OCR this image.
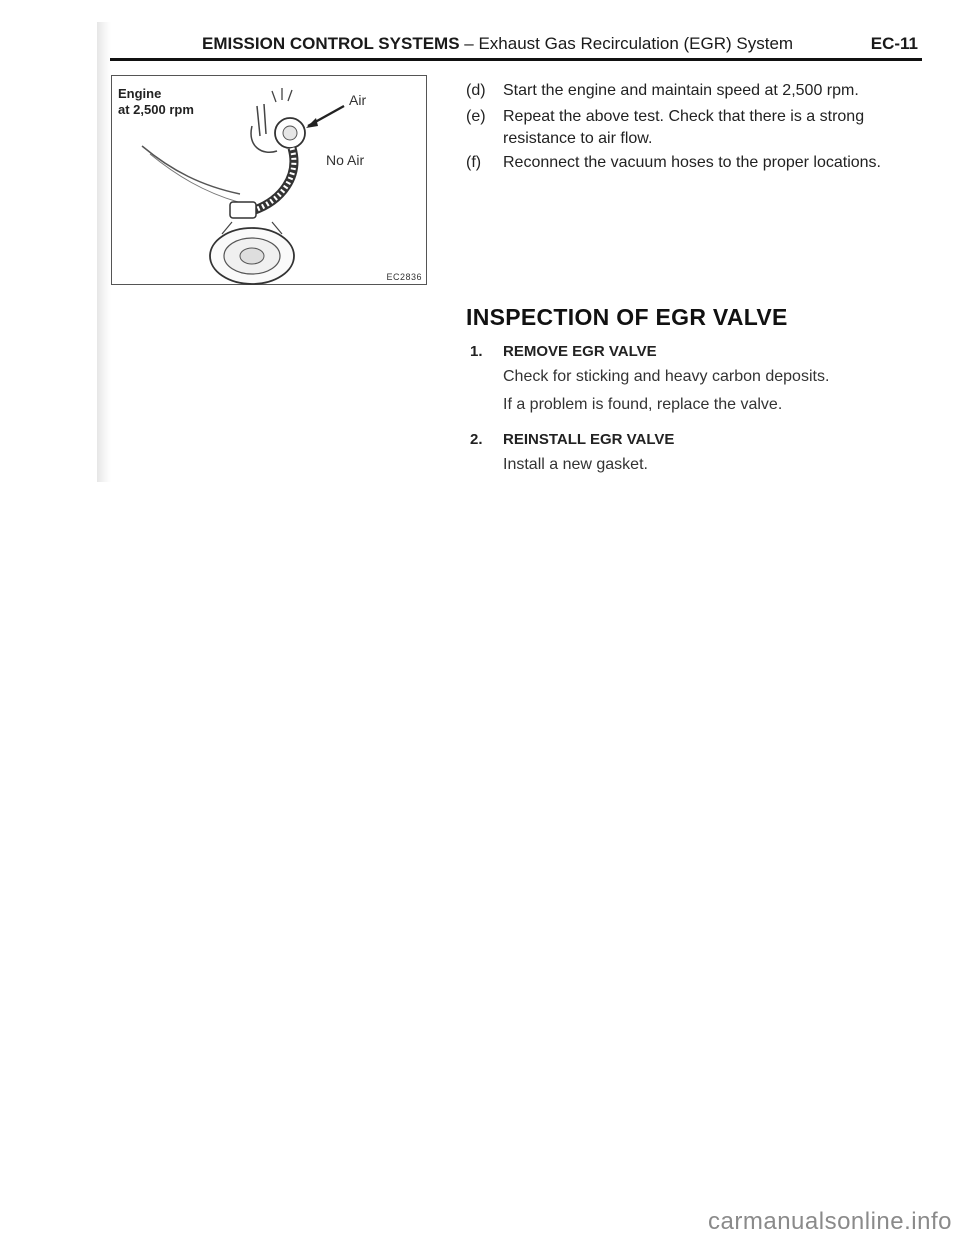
EMISSION CONTROL SYSTEMS – Exhaust Gas Recirculation (EGR) System	EC-11
Engine
at 2,500 rpm
Air
No Air
EC2836
(d) Start the engine and maintain speed at 2,500 rpm.
(e) Repeat the above test. Check that there is a strong
resistance to air flow.
(f) Reconnect the vacuum hoses to the proper locations.
INSPECTION OF EGR VALVE
1. REMOVE EGR VALVE
Check for sticking and heavy carbon deposits.
If a problem is found, replace the valve.
2. REINSTALL EGR VALVE
Install a new gasket.
carmanualsonline.info
